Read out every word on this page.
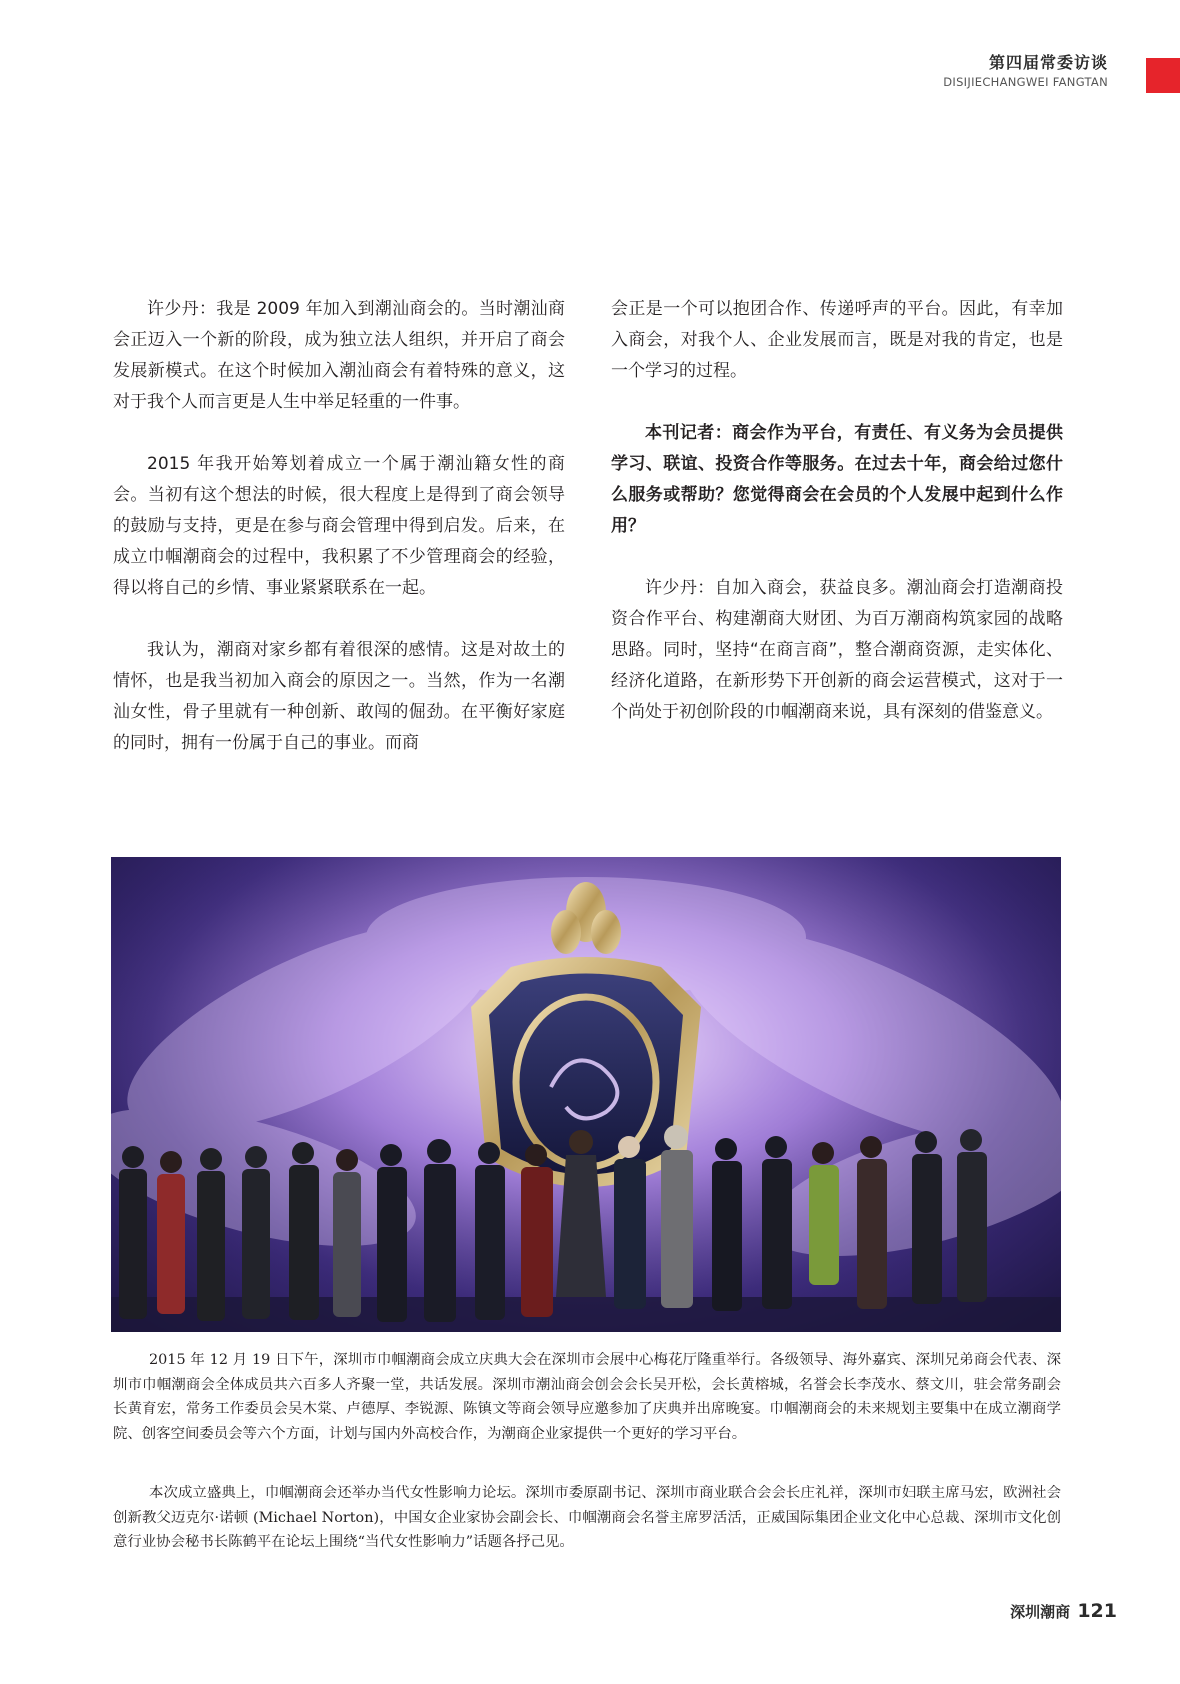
第四届常委访谈
DISIJIECHANGWEI FANGTAN

许少丹：我是 2009 年加入到潮汕商会的。当时潮汕商会正迈入一个新的阶段，成为独立法人组织，并开启了商会发展新模式。在这个时候加入潮汕商会有着特殊的意义，这对于我个人而言更是人生中举足轻重的一件事。

2015 年我开始筹划着成立一个属于潮汕籍女性的商会。当初有这个想法的时候，很大程度上是得到了商会领导的鼓励与支持，更是在参与商会管理中得到启发。后来，在成立巾帼潮商会的过程中，我积累了不少管理商会的经验，得以将自己的乡情、事业紧紧联系在一起。

我认为，潮商对家乡都有着很深的感情。这是对故土的情怀，也是我当初加入商会的原因之一。当然，作为一名潮汕女性，骨子里就有一种创新、敢闯的倔劲。在平衡好家庭的同时，拥有一份属于自己的事业。而商

会正是一个可以抱团合作、传递呼声的平台。因此，有幸加入商会，对我个人、企业发展而言，既是对我的肯定，也是一个学习的过程。

本刊记者：商会作为平台，有责任、有义务为会员提供学习、联谊、投资合作等服务。在过去十年，商会给过您什么服务或帮助？您觉得商会在会员的个人发展中起到什么作用？

许少丹：自加入商会，获益良多。潮汕商会打造潮商投资合作平台、构建潮商大财团、为百万潮商构筑家园的战略思路。同时，坚持“在商言商”，整合潮商资源，走实体化、经济化道路，在新形势下开创新的商会运营模式，这对于一个尚处于初创阶段的巾帼潮商来说，具有深刻的借鉴意义。

2015 年 12 月 19 日下午，深圳市巾帼潮商会成立庆典大会在深圳市会展中心梅花厅隆重举行。各级领导、海外嘉宾、深圳兄弟商会代表、深圳市巾帼潮商会全体成员共六百多人齐聚一堂，共话发展。深圳市潮汕商会创会会长吴开松，会长黄榕城，名誉会长李茂水、蔡文川，驻会常务副会长黄育宏，常务工作委员会吴木棠、卢德厚、李锐源、陈镇文等商会领导应邀参加了庆典并出席晚宴。巾帼潮商会的未来规划主要集中在成立潮商学院、创客空间委员会等六个方面，计划与国内外高校合作，为潮商企业家提供一个更好的学习平台。
本次成立盛典上，巾帼潮商会还举办当代女性影响力论坛。深圳市委原副书记、深圳市商业联合会会长庄礼祥，深圳市妇联主席马宏，欧洲社会创新教父迈克尔·诺顿 (Michael Norton)，中国女企业家协会副会长、巾帼潮商会名誉主席罗活活，正威国际集团企业文化中心总裁、深圳市文化创意行业协会秘书长陈鹤平在论坛上围绕“当代女性影响力”话题各抒己见。
深圳潮商 121
